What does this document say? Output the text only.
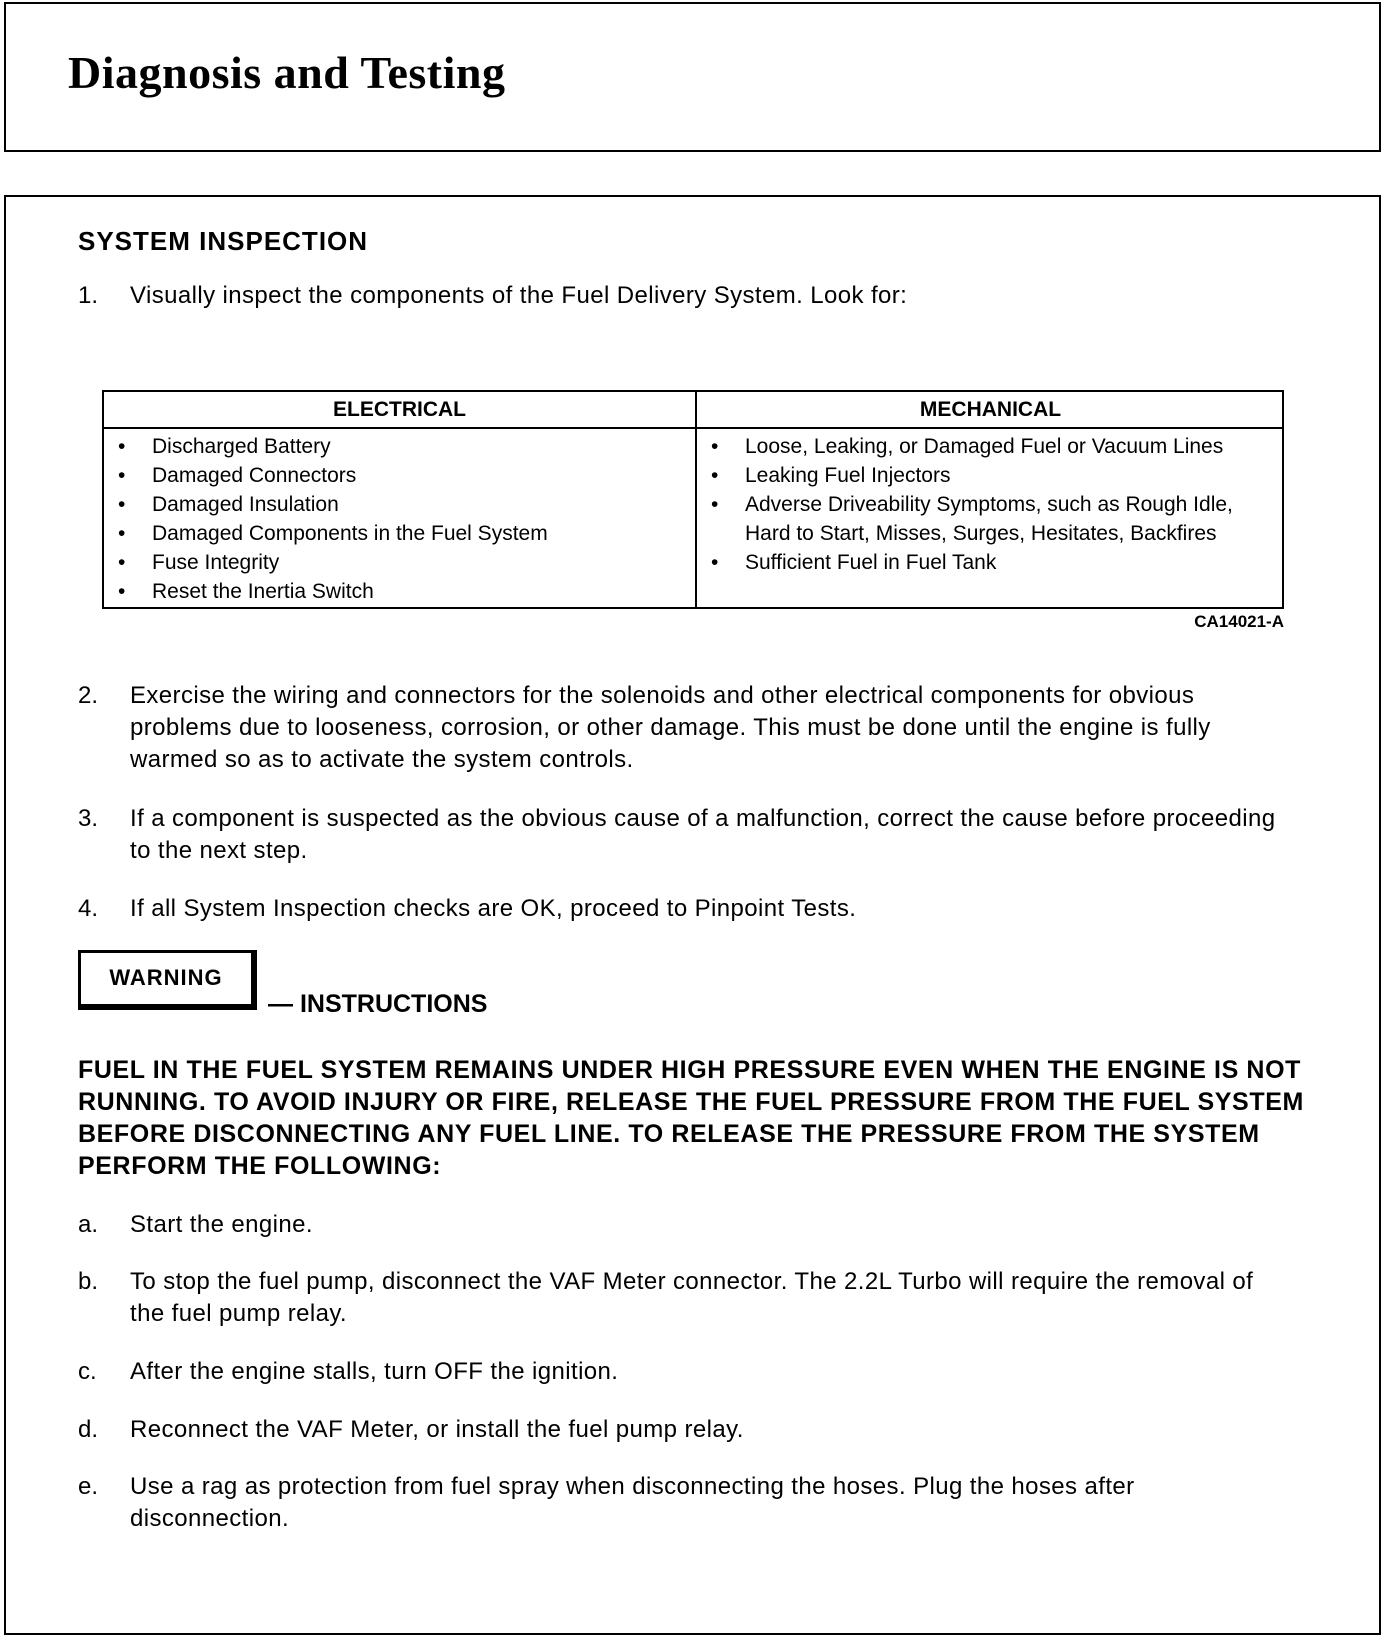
Diagnosis and Testing
SYSTEM INSPECTION
1. Visually inspect the components of the Fuel Delivery System. Look for:
ELECTRICAL	MECHANICAL
• Discharged Battery
• Damaged Connectors
• Damaged Insulation
• Damaged Components in the Fuel System
• Fuse Integrity
• Reset the Inertia Switch
• Loose, Leaking, or Damaged Fuel or Vacuum Lines
• Leaking Fuel Injectors
• Adverse Driveability Symptoms, such as Rough Idle, Hard to Start, Misses, Surges, Hesitates, Backfires
• Sufficient Fuel in Fuel Tank
CA14021-A
2. Exercise the wiring and connectors for the solenoids and other electrical components for obvious problems due to looseness, corrosion, or other damage. This must be done until the engine is fully warmed so as to activate the system controls.
3. If a component is suspected as the obvious cause of a malfunction, correct the cause before proceeding to the next step.
4. If all System Inspection checks are OK, proceed to Pinpoint Tests.
WARNING
— INSTRUCTIONS

FUEL IN THE FUEL SYSTEM REMAINS UNDER HIGH PRESSURE EVEN WHEN THE ENGINE IS NOT RUNNING. TO AVOID INJURY OR FIRE, RELEASE THE FUEL PRESSURE FROM THE FUEL SYSTEM BEFORE DISCONNECTING ANY FUEL LINE. TO RELEASE THE PRESSURE FROM THE SYSTEM PERFORM THE FOLLOWING:

a. Start the engine.
b. To stop the fuel pump, disconnect the VAF Meter connector. The 2.2L Turbo will require the removal of the fuel pump relay.
c. After the engine stalls, turn OFF the ignition.
d. Reconnect the VAF Meter, or install the fuel pump relay.
e. Use a rag as protection from fuel spray when disconnecting the hoses. Plug the hoses after disconnection.
